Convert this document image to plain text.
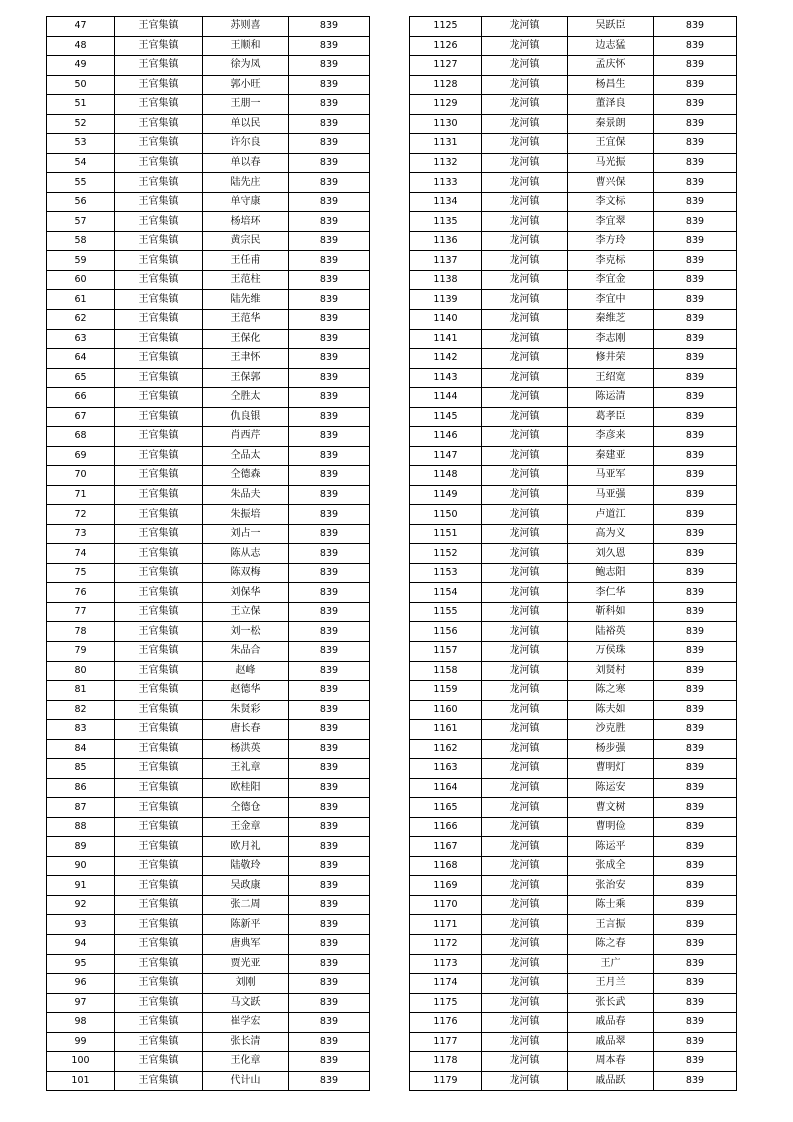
47	王官集镇	苏则喜	839
48	王官集镇	王顺和	839
49	王官集镇	徐为凤	839
50	王官集镇	郭小旺	839
51	王官集镇	王朋一	839
52	王官集镇	单以民	839
53	王官集镇	许尔良	839
54	王官集镇	单以春	839
55	王官集镇	陆先庄	839
56	王官集镇	单守康	839
57	王官集镇	杨培环	839
58	王官集镇	黄宗民	839
59	王官集镇	王任甫	839
60	王官集镇	王范柱	839
61	王官集镇	陆先维	839
62	王官集镇	王范华	839
63	王官集镇	王保化	839
64	王官集镇	王聿怀	839
65	王官集镇	王保郭	839
66	王官集镇	仝胜太	839
67	王官集镇	仇良银	839
68	王官集镇	肖西芹	839
69	王官集镇	仝品太	839
70	王官集镇	仝德森	839
71	王官集镇	朱品夫	839
72	王官集镇	朱振培	839
73	王官集镇	刘占一	839
74	王官集镇	陈从志	839
75	王官集镇	陈双梅	839
76	王官集镇	刘保华	839
77	王官集镇	王立保	839
78	王官集镇	刘一松	839
79	王官集镇	朱品合	839
80	王官集镇	赵峰	839
81	王官集镇	赵德华	839
82	王官集镇	朱贤彩	839
83	王官集镇	唐长春	839
84	王官集镇	杨洪英	839
85	王官集镇	王礼章	839
86	王官集镇	欧桂阳	839
87	王官集镇	仝德仓	839
88	王官集镇	王金章	839
89	王官集镇	欧月礼	839
90	王官集镇	陆敬玲	839
91	王官集镇	吴政康	839
92	王官集镇	张二周	839
93	王官集镇	陈新平	839
94	王官集镇	唐典军	839
95	王官集镇	贾光亚	839
96	王官集镇	刘刚	839
97	王官集镇	马文跃	839
98	王官集镇	崔学宏	839
99	王官集镇	张长清	839
100	王官集镇	王化章	839
101	王官集镇	代计山	839
1125	龙河镇	吴跃臣	839
1126	龙河镇	边志猛	839
1127	龙河镇	孟庆怀	839
1128	龙河镇	杨昌生	839
1129	龙河镇	董泽良	839
1130	龙河镇	秦景朗	839
1131	龙河镇	王宜保	839
1132	龙河镇	马光振	839
1133	龙河镇	曹兴保	839
1134	龙河镇	李文标	839
1135	龙河镇	李宜翠	839
1136	龙河镇	李方玲	839
1137	龙河镇	李克标	839
1138	龙河镇	李宜金	839
1139	龙河镇	李宜中	839
1140	龙河镇	秦维芝	839
1141	龙河镇	李志刚	839
1142	龙河镇	修井荣	839
1143	龙河镇	王绍宽	839
1144	龙河镇	陈运清	839
1145	龙河镇	葛孝臣	839
1146	龙河镇	李彦来	839
1147	龙河镇	秦建亚	839
1148	龙河镇	马亚军	839
1149	龙河镇	马亚强	839
1150	龙河镇	卢道江	839
1151	龙河镇	高为义	839
1152	龙河镇	刘久恩	839
1153	龙河镇	鲍志阳	839
1154	龙河镇	李仁华	839
1155	龙河镇	靳科如	839
1156	龙河镇	陆裕英	839
1157	龙河镇	万侯珠	839
1158	龙河镇	刘贤村	839
1159	龙河镇	陈之寒	839
1160	龙河镇	陈夫如	839
1161	龙河镇	沙克胜	839
1162	龙河镇	杨步强	839
1163	龙河镇	曹明灯	839
1164	龙河镇	陈运安	839
1165	龙河镇	曹文树	839
1166	龙河镇	曹明俭	839
1167	龙河镇	陈运平	839
1168	龙河镇	张成全	839
1169	龙河镇	张治安	839
1170	龙河镇	陈士乘	839
1171	龙河镇	王言振	839
1172	龙河镇	陈之春	839
1173	龙河镇	王广	839
1174	龙河镇	王月兰	839
1175	龙河镇	张长武	839
1176	龙河镇	戚品春	839
1177	龙河镇	戚品翠	839
1178	龙河镇	周本春	839
1179	龙河镇	戚品跃	839
